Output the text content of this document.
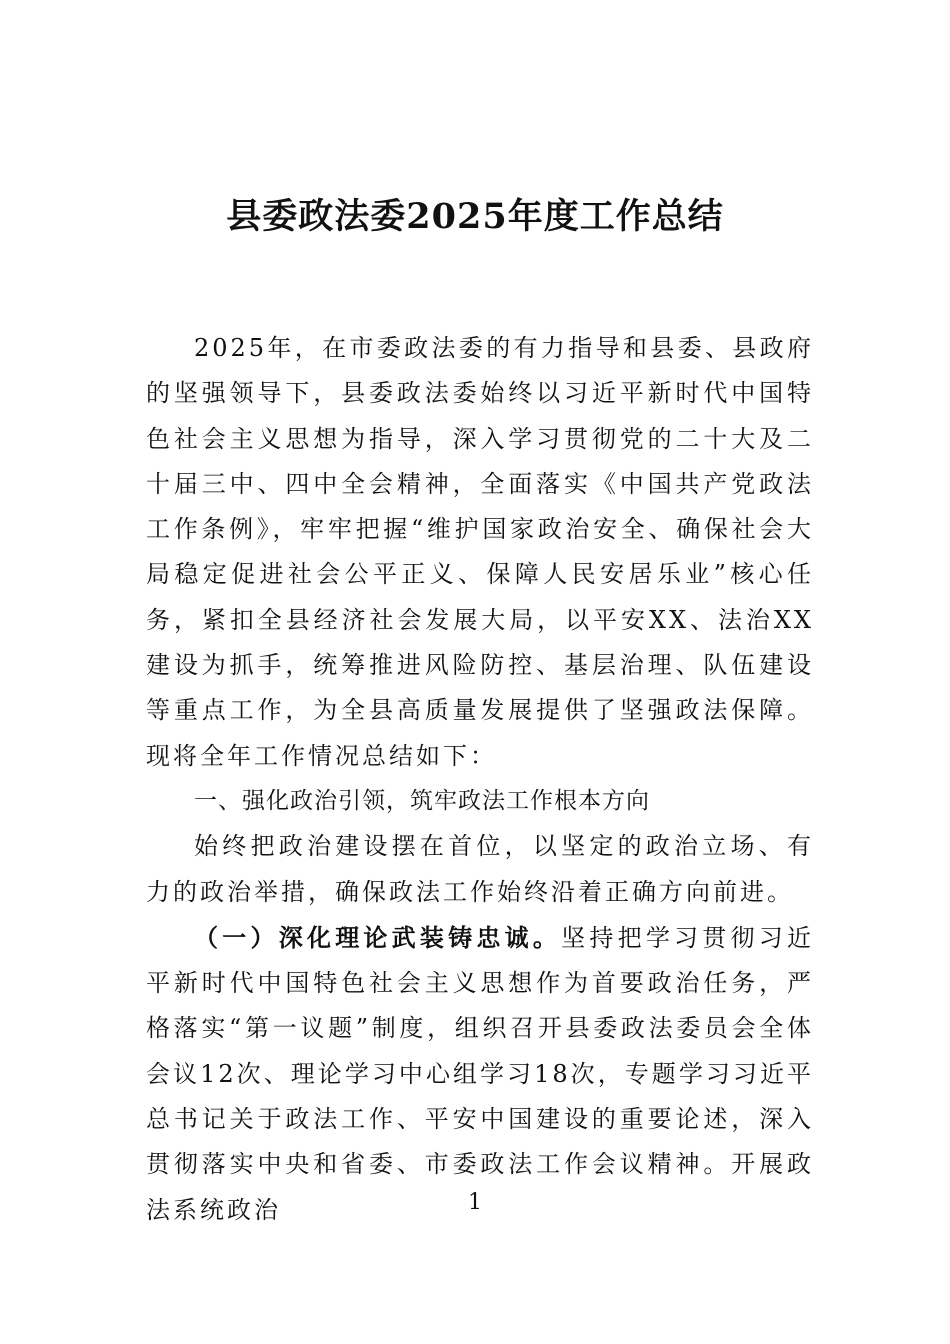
县委政法委2025年度工作总结

2025年，在市委政法委的有力指导和县委、县政府的坚强领导下，县委政法委始终以习近平新时代中国特色社会主义思想为指导，深入学习贯彻党的二十大及二十届三中、四中全会精神，全面落实《中国共产党政法工作条例》，牢牢把握“维护国家政治安全、确保社会大局稳定促进社会公平正义、保障人民安居乐业”核心任务，紧扣全县经济社会发展大局，以平安XX、法治XX建设为抓手，统筹推进风险防控、基层治理、队伍建设等重点工作，为全县高质量发展提供了坚强政法保障。现将全年工作情况总结如下：

一、强化政治引领，筑牢政法工作根本方向

始终把政治建设摆在首位，以坚定的政治立场、有力的政治举措，确保政法工作始终沿着正确方向前进。

（一）深化理论武装铸忠诚。坚持把学习贯彻习近平新时代中国特色社会主义思想作为首要政治任务，严格落实“第一议题”制度，组织召开县委政法委员会全体会议12次、理论学习中心组学习18次，专题学习习近平总书记关于政法工作、平安中国建设的重要论述，深入贯彻落实中央和省委、市委政法工作会议精神。开展政法系统政治	1
